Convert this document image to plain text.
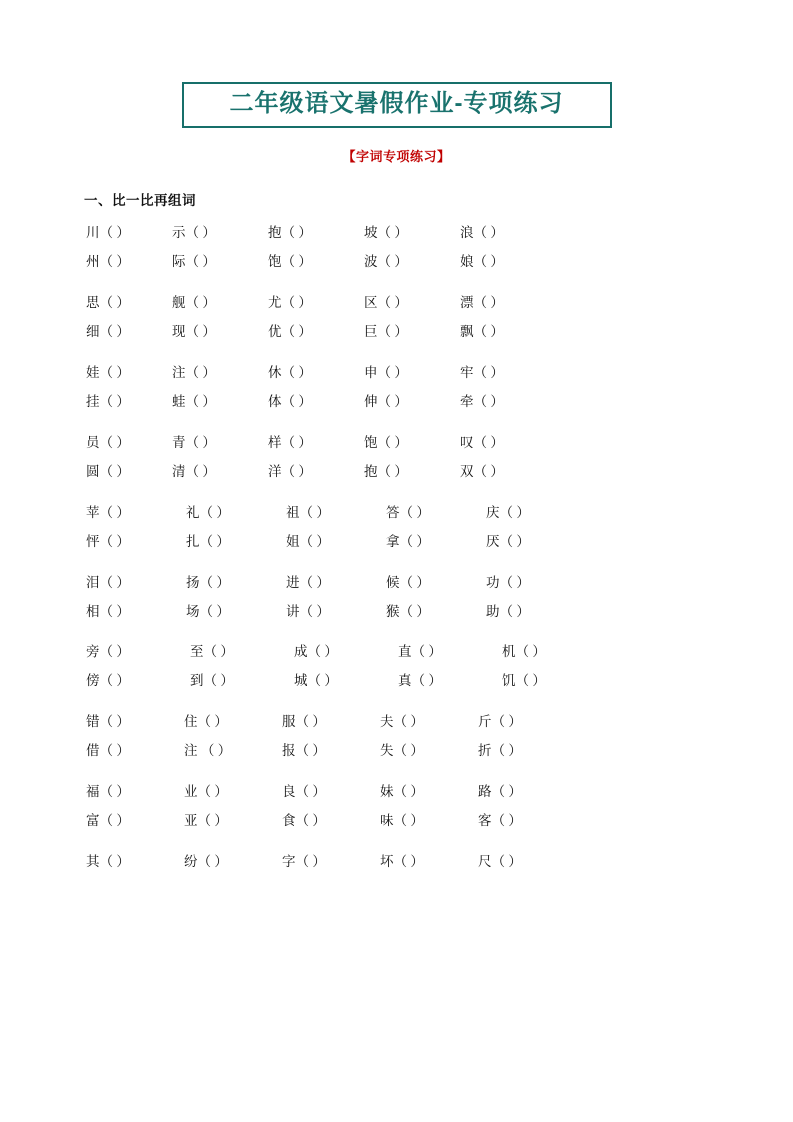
二年级语文暑假作业-专项练习
【字词专项练习】
一、比一比再组词
川（ ）	示（ ）	抱（ ）	坡（ ）	浪（ ）
州（ ）	际（ ）	饱（ ）	波（ ）	娘（ ）
思（ ）	舰（ ）	尤（ ）	区（ ）	漂（ ）
细（ ）	现（ ）	优（ ）	巨（ ）	飘（ ）
娃（ ）	注（ ）	休（ ）	申（ ）	牢（ ）
挂（ ）	蛙（ ）	体（ ）	伸（ ）	牵（ ）
员（ ）	青（ ）	样（ ）	饱（ ）	叹（ ）
圆（ ）	清（ ）	洋（ ）	抱（ ）	双（ ）
苹（ ）	礼（ ）	祖（ ）	答（ ）	庆（ ）
怦（ ）	扎（ ）	姐（ ）	拿（ ）	厌（ ）
泪（ ）	扬（ ）	进（ ）	候（ ）	功（ ）
相（ ）	场（ ）	讲（ ）	猴（ ）	助（ ）
旁（ ）	至（ ）	成（ ）	直（ ）	机（ ）
傍（ ）	到（ ）	城（ ）	真（ ）	饥（ ）
错（ ）	住（ ）	服（ ）	夫（ ）	斤（ ）
借（ ）	注 （ ）	报（ ）	失（ ）	折（ ）
福（ ）	业（ ）	良（ ）	妹（ ）	路（ ）
富（ ）	亚（ ）	食（ ）	味（ ）	客（ ）
其（ ）	纷（ ）	字（ ）	坏（ ）	尺（ ）
